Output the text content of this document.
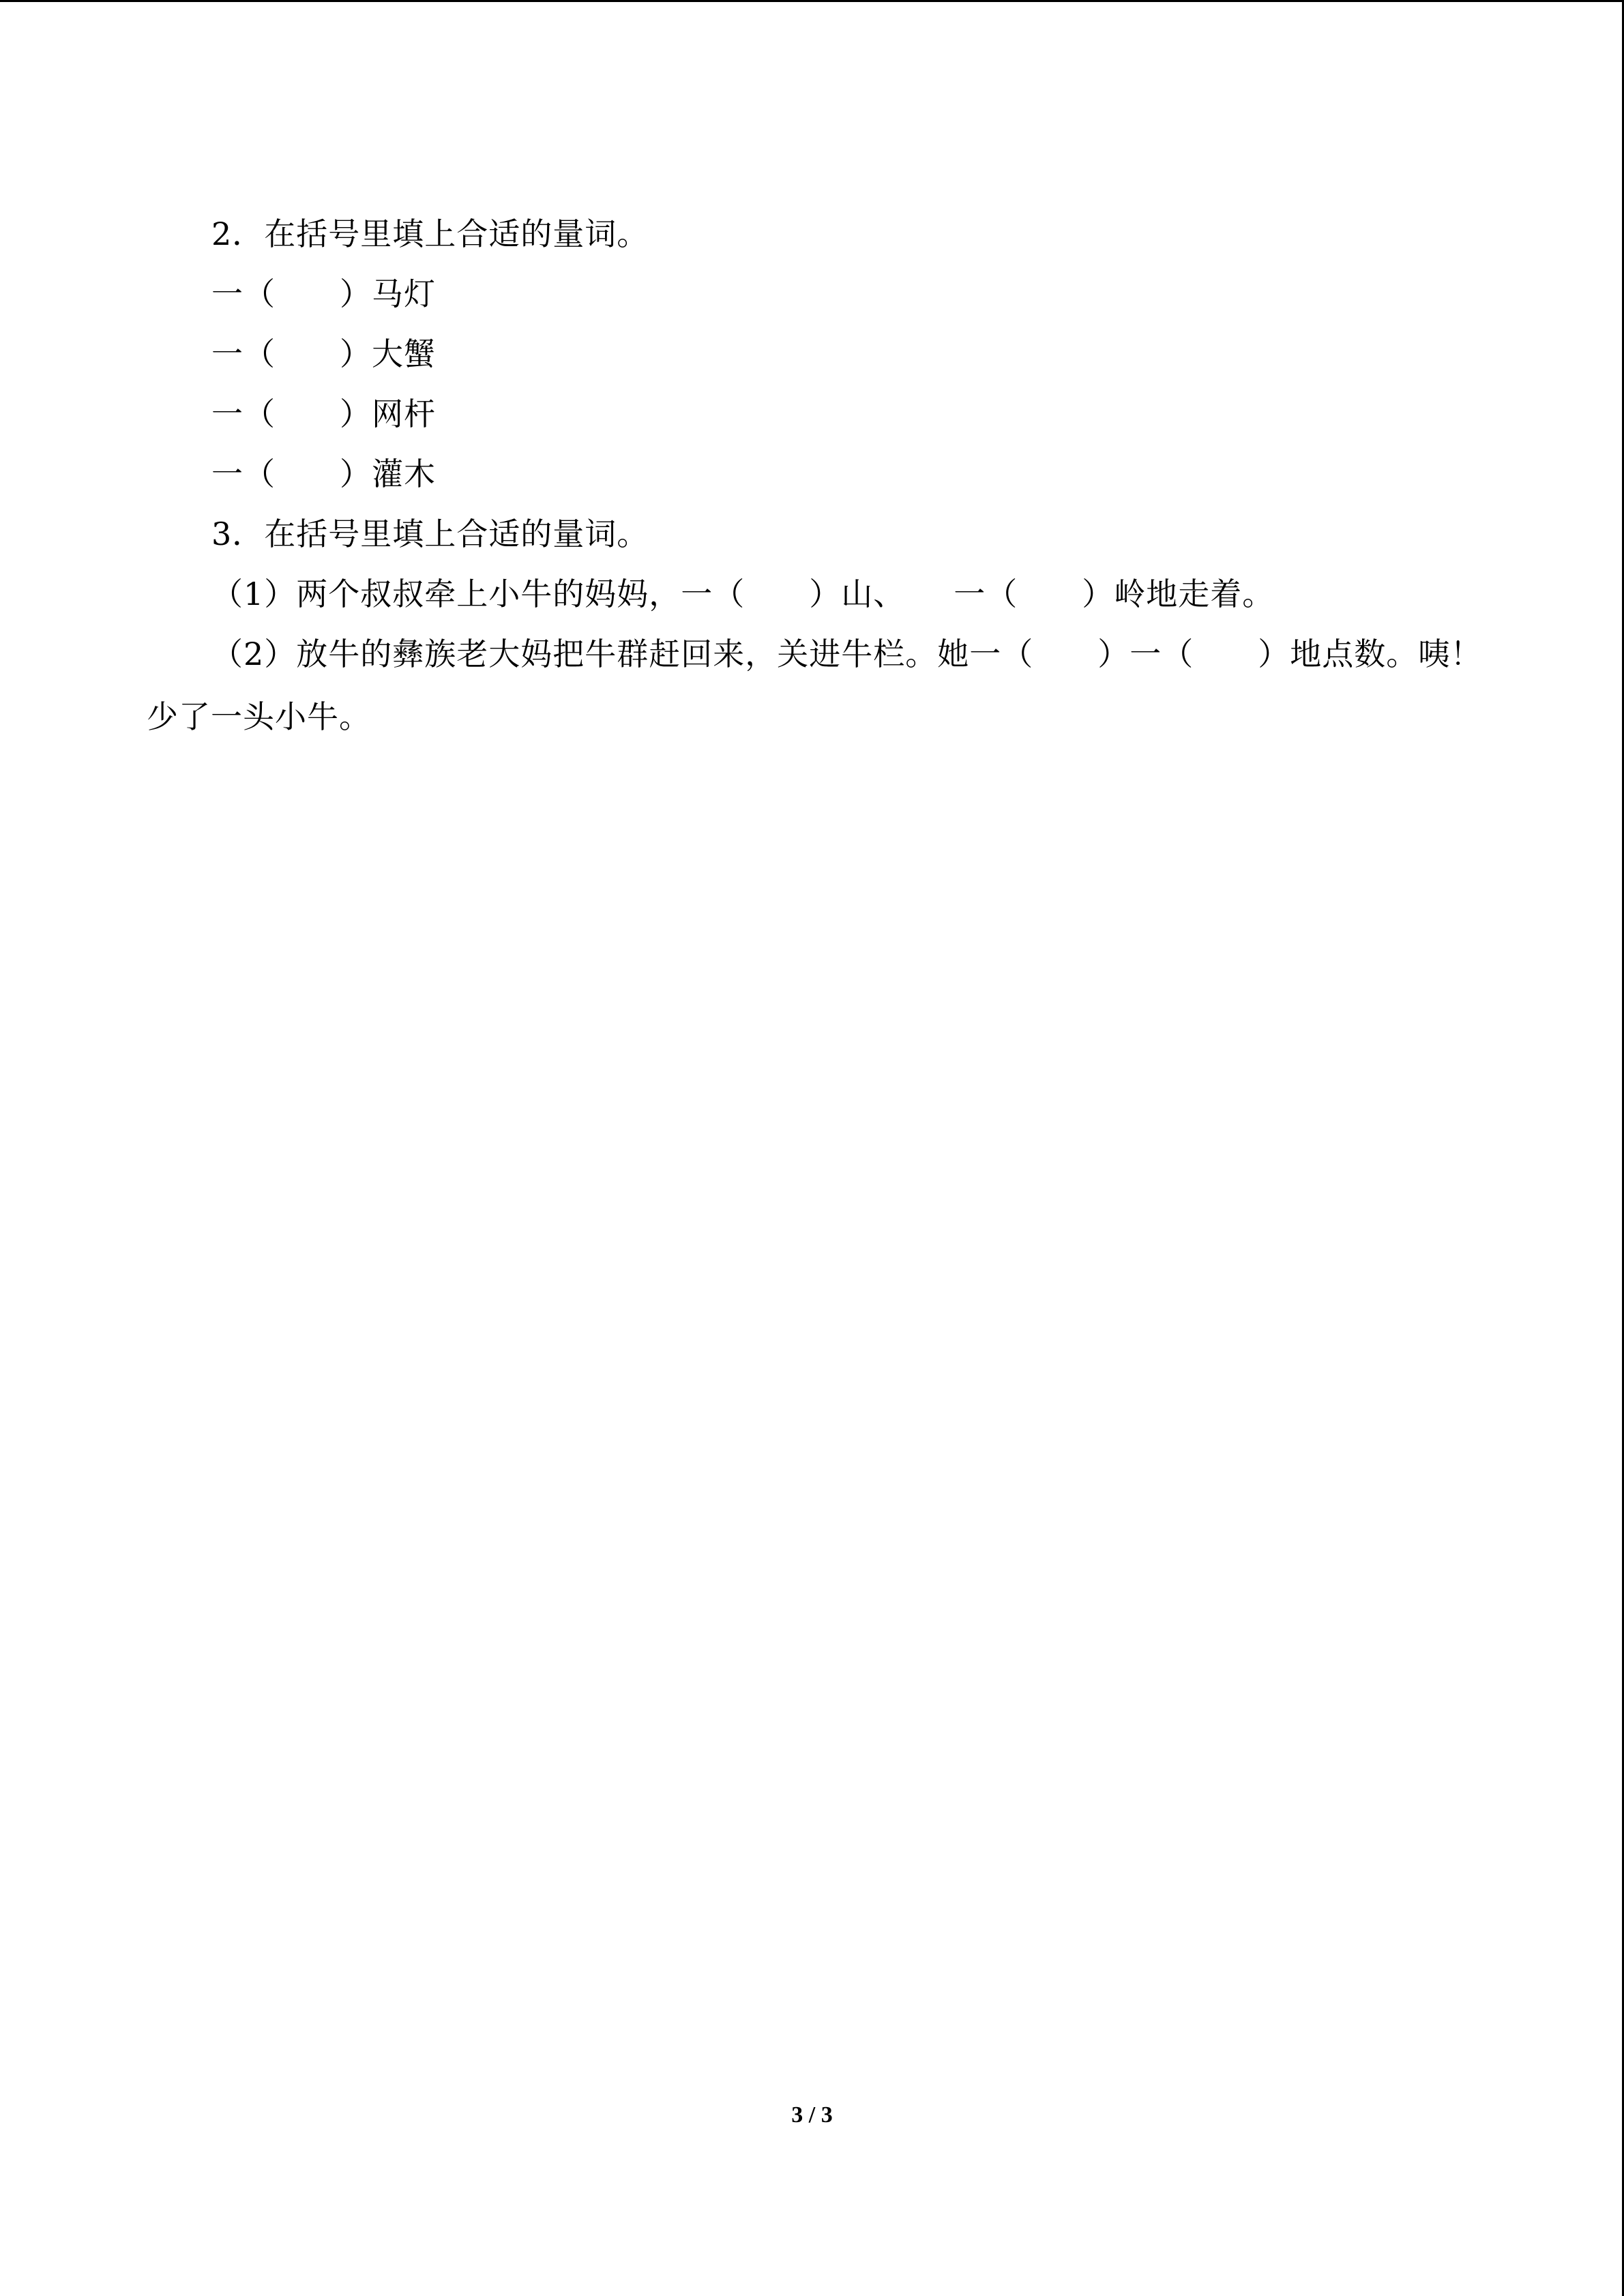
2．在括号里填上合适的量词。
一（　　）马灯
一（　　）大蟹
一（　　）网杆
一（　　）灌木
3．在括号里填上合适的量词。
（1）两个叔叔牵上小牛的妈妈，一（　　）山、　　一（　　）岭地走着。
（2）放牛的彝族老大妈把牛群赶回来，关进牛栏。她一（　　）一（　　）地点数。咦！
少了一头小牛。
3 / 3
